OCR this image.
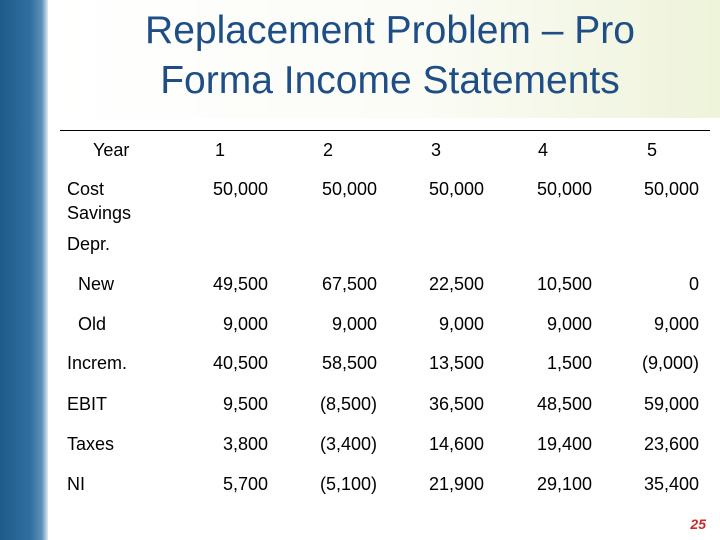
Replacement Problem – Pro
Forma Income Statements
Year	1	2	3	4	5
Cost
Savings
50,000	50,000	50,000	50,000	50,000
Depr.
New	49,500	67,500	22,500	10,500	0
Old	9,000	9,000	9,000	9,000	9,000
Increm.	40,500	58,500	13,500	1,500	(9,000)
EBIT	9,500	(8,500)	36,500	48,500	59,000
Taxes	3,800	(3,400)	14,600	19,400	23,600
NI	5,700	(5,100)	21,900	29,100	35,400
25
